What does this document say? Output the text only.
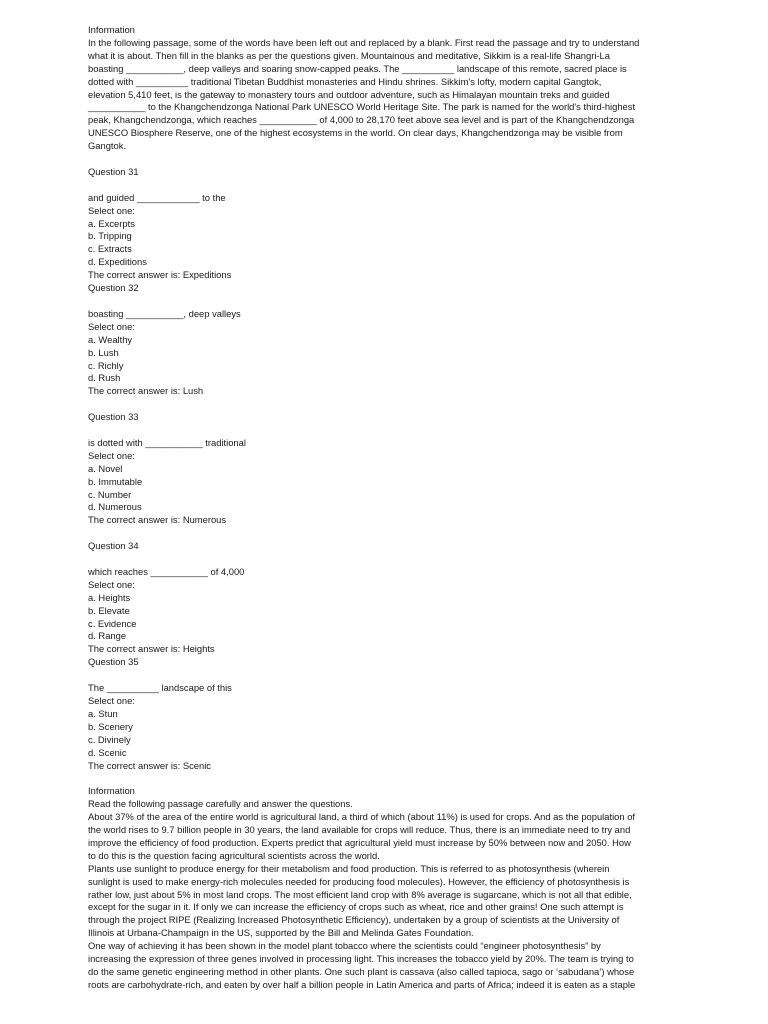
Information

In the following passage, some of the words have been left out and replaced by a blank. First read the passage and try to understand
what it is about. Then fill in the blanks as per the questions given. Mountainous and meditative, Sikkim is a real-life Shangri-La
boasting ___________, deep valleys and soaring snow-capped peaks. The __________ landscape of this remote, sacred place is
dotted with __________ traditional Tibetan Buddhist monasteries and Hindu shrines. Sikkim's lofty, modern capital Gangtok,
elevation 5,410 feet, is the gateway to monastery tours and outdoor adventure, such as Himalayan mountain treks and guided
___________ to the Khangchendzonga National Park UNESCO World Heritage Site. The park is named for the world's third-highest
peak, Khangchendzonga, which reaches ___________ of 4,000 to 28,170 feet above sea level and is part of the Khangchendzonga
UNESCO Biosphere Reserve, one of the highest ecosystems in the world. On clear days, Khangchendzonga may be visible from
Gangtok.

Question 31

and guided ____________ to the

Select one:

a. Excerpts

b. Tripping

c. Extracts

d. Expeditions

The correct answer is: Expeditions

Question 32

boasting ___________, deep valleys

Select one:

a. Wealthy

b. Lush

c. Richly

d. Rush

The correct answer is: Lush

Question 33

is dotted with ___________ traditional

Select one:

a. Novel

b. Immutable

c. Number

d. Numerous

The correct answer is: Numerous

Question 34

which reaches ___________ of 4,000

Select one:

a. Heights

b. Elevate

c. Evidence

d. Range

The correct answer is: Heights

Question 35

The __________ landscape of this

Select one:

a. Stun

b. Scenery

c. Divinely

d. Scenic

The correct answer is: Scenic

Information

Read the following passage carefully and answer the questions.
About 37% of the area of the entire world is agricultural land, a third of which (about 11%) is used for crops. And as the population of
the world rises to 9.7 billion people in 30 years, the land available for crops will reduce. Thus, there is an immediate need to try and
improve the efficiency of food production. Experts predict that agricultural yield must increase by 50% between now and 2050. How
to do this is the question facing agricultural scientists across the world.
Plants use sunlight to produce energy for their metabolism and food production. This is referred to as photosynthesis (wherein
sunlight is used to make energy-rich molecules needed for producing food molecules). However, the efficiency of photosynthesis is
rather low, just about 5% in most land crops. The most efficient land crop with 8% average is sugarcane, which is not all that edible,
except for the sugar in it. If only we can increase the efficiency of crops such as wheat, rice and other grains! One such attempt is
through the project RIPE (Realizing Increased Photosynthetic Efficiency), undertaken by a group of scientists at the University of
Illinois at Urbana-Champaign in the US, supported by the Bill and Melinda Gates Foundation.
One way of achieving it has been shown in the model plant tobacco where the scientists could “engineer photosynthesis” by
increasing the expression of three genes involved in processing light. This increases the tobacco yield by 20%. The team is trying to
do the same genetic engineering method in other plants. One such plant is cassava (also called tapioca, sago or ‘sabudana’) whose
roots are carbohydrate-rich, and eaten by over half a billion people in Latin America and parts of Africa; indeed it is eaten as a staple
